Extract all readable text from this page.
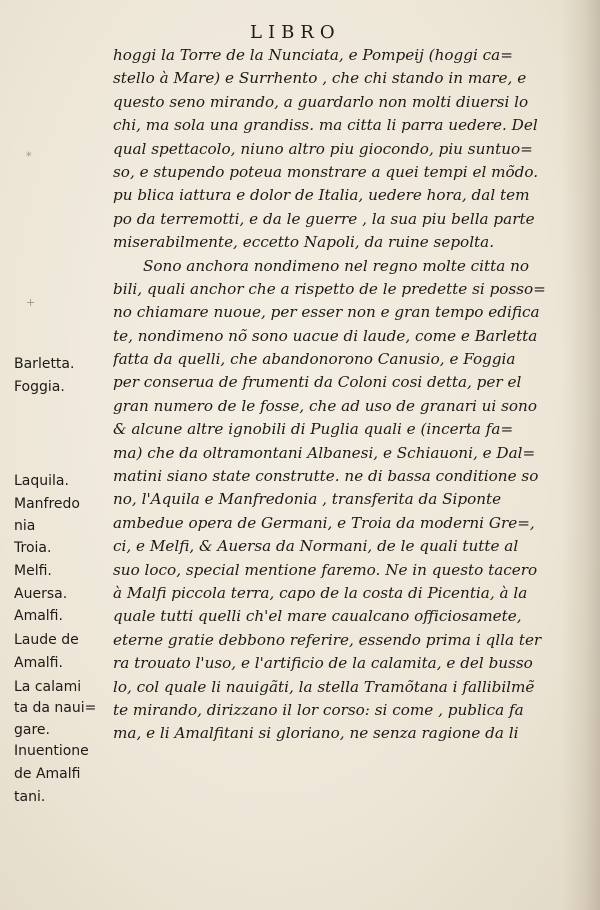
*
+
LIBRO
hoggi la Torre de la Nunciata, e Pompeij (hoggi ca=
stello à Mare) e Surrhento , che chi stando in mare, e
questo seno mirando, a guardarlo non molti diuersi lo
chi, ma sola una grandiss. ma citta li parra uedere. Del
qual spettacolo, niuno altro piu giocondo, piu suntuo=
so, e stupendo poteua monstrare a quei tempi el mõdo.
pu blica iattura e dolor de Italia, uedere hora, dal tem
po da terremotti, e da le guerre , la sua piu bella parte
miserabilmente, eccetto Napoli, da ruine sepolta.
Sono anchora nondimeno nel regno molte citta no
bili, quali anchor che a rispetto de le predette si posso=
no chiamare nuoue, per esser non e gran tempo edifica
te, nondimeno nõ sono uacue di laude, come e Barletta
fatta da quelli, che abandonorono Canusio, e Foggia
per conserua de frumenti da Coloni cosi detta, per el
gran numero de le fosse, che ad uso de granari ui sono
& alcune altre ignobili di Puglia quali e (incerta fa=
ma) che da oltramontani Albanesi, e Schiauoni, e Dal=
matini siano state construtte. ne di bassa conditione so
no, l'Aquila e Manfredonia , transferita da Siponte
ambedue opera de Germani, e Troia da moderni Gre=,
ci, e Melfi, & Auersa da Normani, de le quali tutte al
suo loco, special mentione faremo. Ne in questo tacero
à Malfi piccola terra, capo de la costa di Picentia, à la
quale tutti quelli ch'el mare caualcano officiosamete,
eterne gratie debbono referire, essendo prima i qlla ter
ra trouato l'uso, e l'artificio de la calamita, e del busso
lo, col quale li nauigãti, la stella Tramõtana i fallibilmẽ
te mirando, dirizzano il lor corso: si come , publica fa
ma, e li Amalfitani si gloriano, ne senza ragione da li
Barletta.
Foggia.
Laquila.
Manfredo
nia
Troia.
Melfi.
Auersa.
Amalfi.
Laude de
Amalfi.
La calami
ta da naui=
gare.
Inuentione
de Amalfi
tani.
